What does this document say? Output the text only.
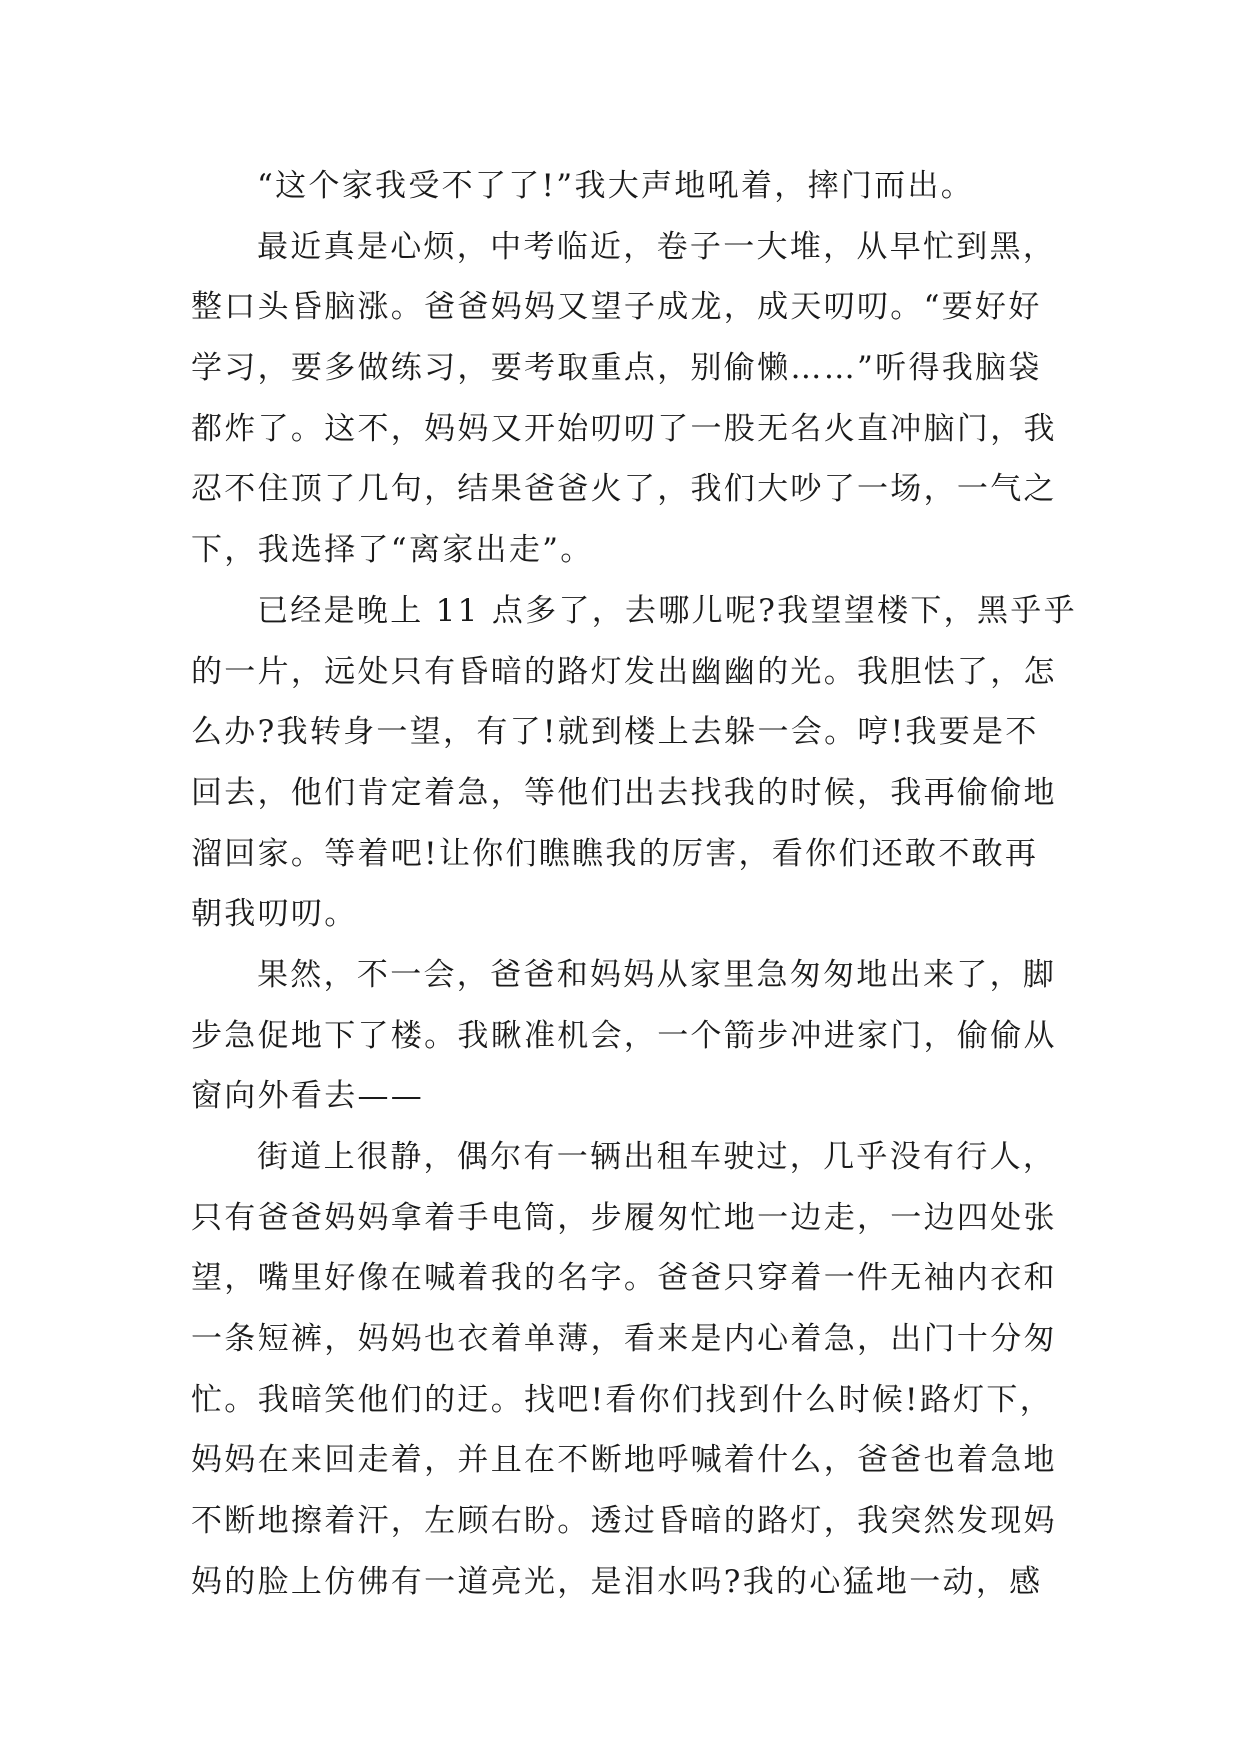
“这个家我受不了了!”我大声地吼着，摔门而出。
最近真是心烦，中考临近，卷子一大堆，从早忙到黑，
整口头昏脑涨。爸爸妈妈又望子成龙，成天叨叨。“要好好
学习，要多做练习，要考取重点，别偷懒……”听得我脑袋
都炸了。这不，妈妈又开始叨叨了一股无名火直冲脑门，我
忍不住顶了几句，结果爸爸火了，我们大吵了一场，一气之
下，我选择了“离家出走”。
已经是晚上 11 点多了，去哪儿呢?我望望楼下，黑乎乎
的一片，远处只有昏暗的路灯发出幽幽的光。我胆怯了，怎
么办?我转身一望，有了!就到楼上去躲一会。哼!我要是不
回去，他们肯定着急，等他们出去找我的时候，我再偷偷地
溜回家。等着吧!让你们瞧瞧我的厉害，看你们还敢不敢再
朝我叨叨。
果然，不一会，爸爸和妈妈从家里急匆匆地出来了，脚
步急促地下了楼。我瞅准机会，一个箭步冲进家门，偷偷从
窗向外看去——
街道上很静，偶尔有一辆出租车驶过，几乎没有行人，
只有爸爸妈妈拿着手电筒，步履匆忙地一边走，一边四处张
望，嘴里好像在喊着我的名字。爸爸只穿着一件无袖内衣和
一条短裤，妈妈也衣着单薄，看来是内心着急，出门十分匆
忙。我暗笑他们的迂。找吧!看你们找到什么时候!路灯下，
妈妈在来回走着，并且在不断地呼喊着什么，爸爸也着急地
不断地擦着汗，左顾右盼。透过昏暗的路灯，我突然发现妈
妈的脸上仿佛有一道亮光，是泪水吗?我的心猛地一动，感
